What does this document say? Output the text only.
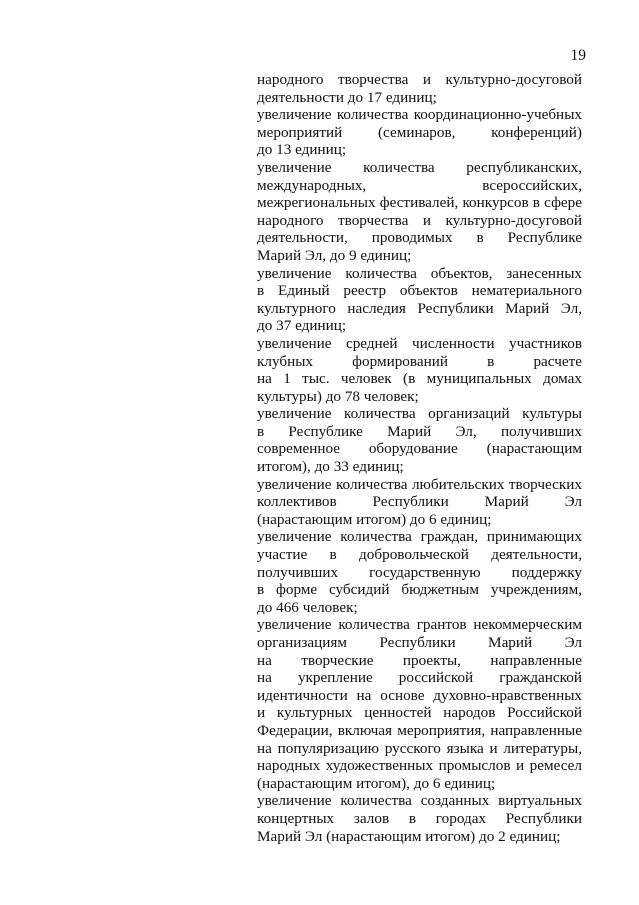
19
народного творчества и культурно-досуговой
деятельности до 17 единиц;
увеличение количества координационно-учебных
мероприятий (семинаров, конференций)
до 13 единиц;
увеличение количества республиканских,
международных, всероссийских,
межрегиональных фестивалей, конкурсов в сфере
народного творчества и культурно-досуговой
деятельности, проводимых в Республике
Марий Эл, до 9 единиц;
увеличение количества объектов, занесенных
в Единый реестр объектов нематериального
культурного наследия Республики Марий Эл,
до 37 единиц;
увеличение средней численности участников
клубных формирований в расчете
на 1 тыс. человек (в муниципальных домах
культуры) до 78 человек;
увеличение количества организаций культуры
в Республике Марий Эл, получивших
современное оборудование (нарастающим
итогом), до 33 единиц;
увеличение количества любительских творческих
коллективов Республики Марий Эл
(нарастающим итогом) до 6 единиц;
увеличение количества граждан, принимающих
участие в добровольческой деятельности,
получивших государственную поддержку
в форме субсидий бюджетным учреждениям,
до 466 человек;
увеличение количества грантов некоммерческим
организациям Республики Марий Эл
на творческие проекты, направленные
на укрепление российской гражданской
идентичности на основе духовно-нравственных
и культурных ценностей народов Российской
Федерации, включая мероприятия, направленные
на популяризацию русского языка и литературы,
народных художественных промыслов и ремесел
(нарастающим итогом), до 6 единиц;
увеличение количества созданных виртуальных
концертных залов в городах Республики
Марий Эл (нарастающим итогом) до 2 единиц;
